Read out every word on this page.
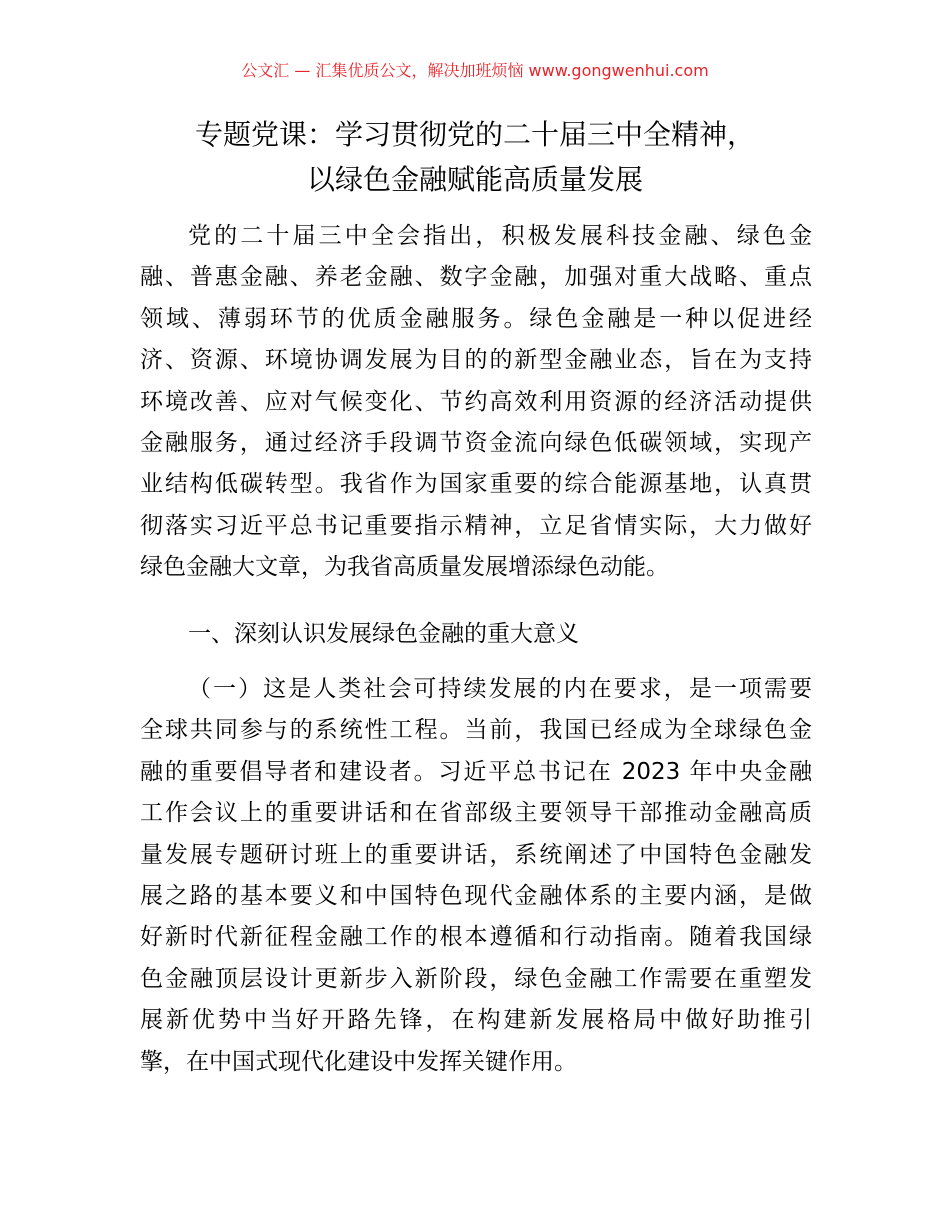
公文汇 — 汇集优质公文，解决加班烦恼 www.gongwenhui.com
专题党课：学习贯彻党的二十届三中全精神，
以绿色金融赋能高质量发展
党的二十届三中全会指出，积极发展科技金融、绿色金
融、普惠金融、养老金融、数字金融，加强对重大战略、重点
领域、薄弱环节的优质金融服务。绿色金融是一种以促进经
济、资源、环境协调发展为目的的新型金融业态，旨在为支持
环境改善、应对气候变化、节约高效利用资源的经济活动提供
金融服务，通过经济手段调节资金流向绿色低碳领域，实现产
业结构低碳转型。我省作为国家重要的综合能源基地，认真贯
彻落实习近平总书记重要指示精神，立足省情实际，大力做好
绿色金融大文章，为我省高质量发展增添绿色动能。
一、深刻认识发展绿色金融的重大意义
（一）这是人类社会可持续发展的内在要求，是一项需要
全球共同参与的系统性工程。当前，我国已经成为全球绿色金
融的重要倡导者和建设者。习近平总书记在 2023 年中央金融
工作会议上的重要讲话和在省部级主要领导干部推动金融高质
量发展专题研讨班上的重要讲话，系统阐述了中国特色金融发
展之路的基本要义和中国特色现代金融体系的主要内涵，是做
好新时代新征程金融工作的根本遵循和行动指南。随着我国绿
色金融顶层设计更新步入新阶段，绿色金融工作需要在重塑发
展新优势中当好开路先锋，在构建新发展格局中做好助推引
擎，在中国式现代化建设中发挥关键作用。
